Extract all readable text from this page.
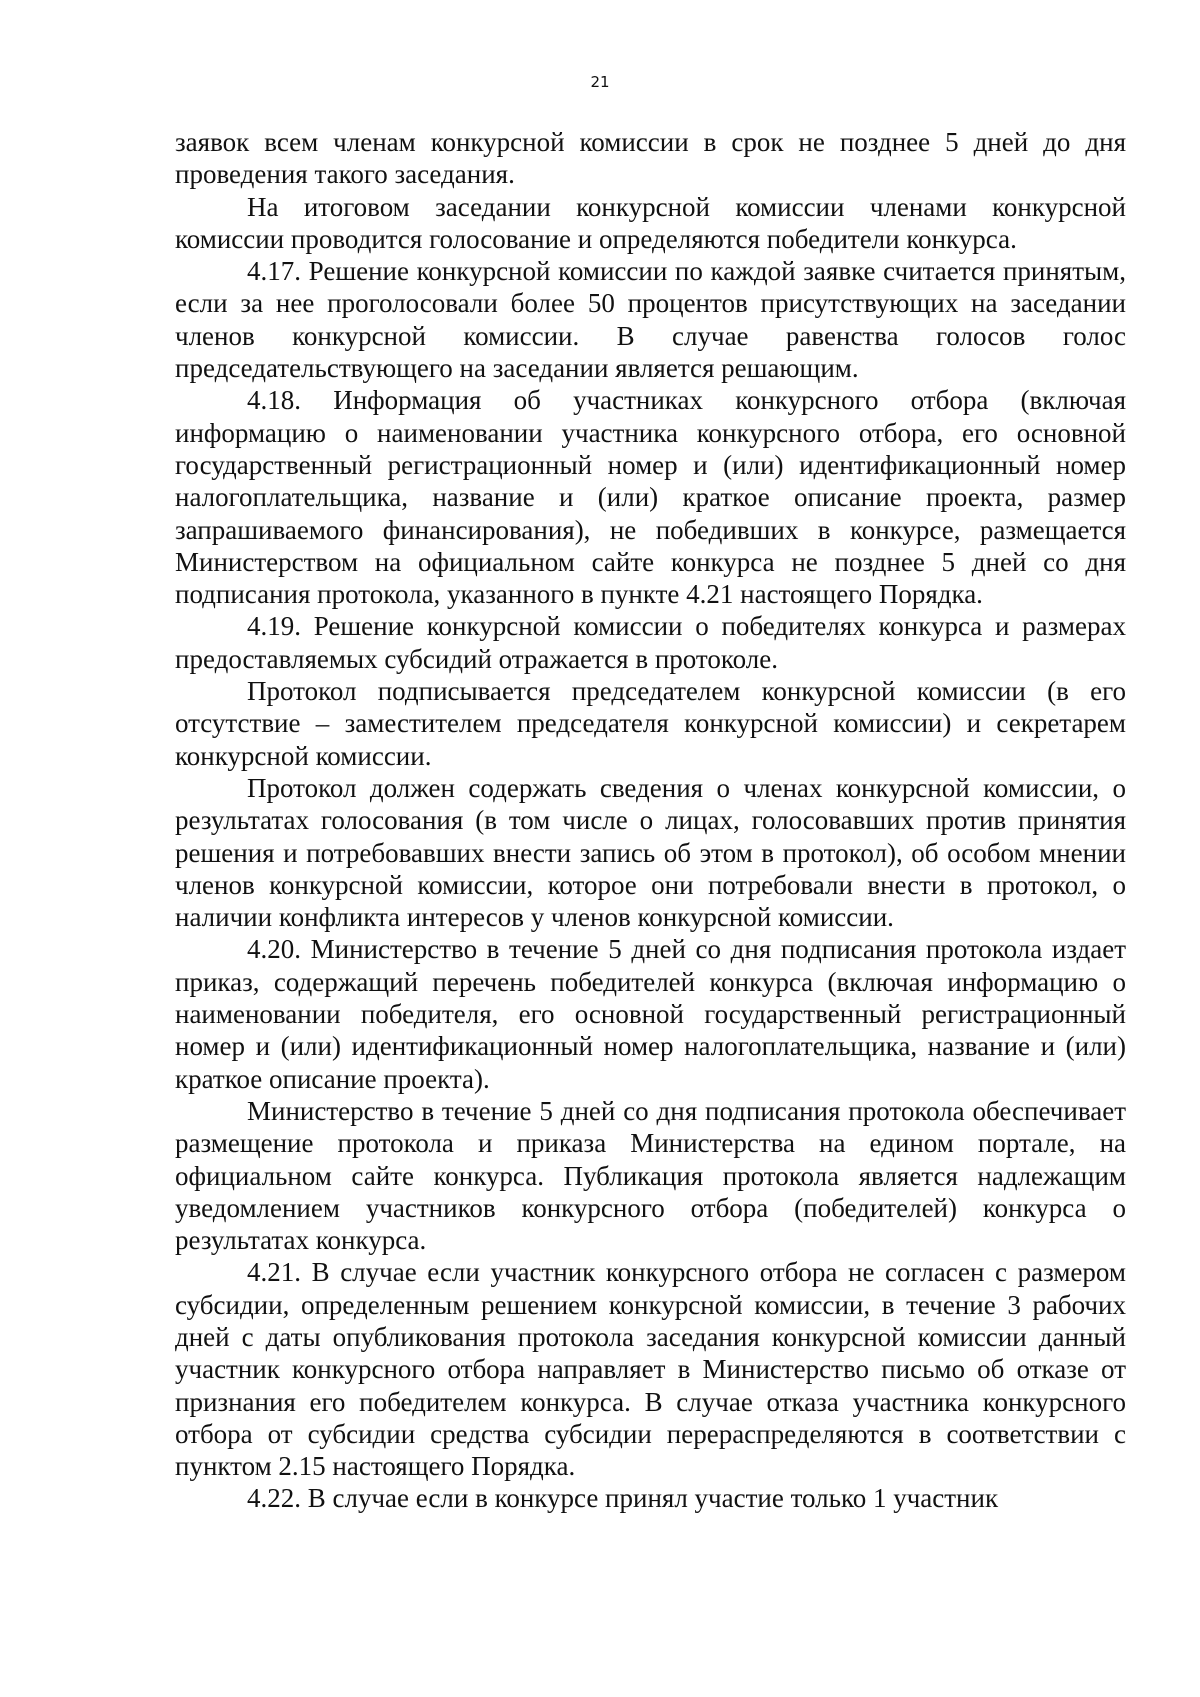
21

заявок всем членам конкурсной комиссии в срок не позднее 5 дней до дня проведения такого заседания.

На итоговом заседании конкурсной комиссии членами конкурсной комиссии проводится голосование и определяются победители конкурса.

4.17. Решение конкурсной комиссии по каждой заявке считается принятым, если за нее проголосовали более 50 процентов присутствующих на заседании членов конкурсной комиссии. В случае равенства голосов голос председательствующего на заседании является решающим.

4.18. Информация об участниках конкурсного отбора (включая информацию о наименовании участника конкурсного отбора, его основной государственный регистрационный номер и (или) идентификационный номер налогоплательщика, название и (или) краткое описание проекта, размер запрашиваемого финансирования), не победивших в конкурсе, размещается Министерством на официальном сайте конкурса не позднее 5 дней со дня подписания протокола, указанного в пункте 4.21 настоящего Порядка.

4.19. Решение конкурсной комиссии о победителях конкурса и размерах предоставляемых субсидий отражается в протоколе.

Протокол подписывается председателем конкурсной комиссии (в его отсутствие – заместителем председателя конкурсной комиссии) и секретарем конкурсной комиссии.

Протокол должен содержать сведения о членах конкурсной комиссии, о результатах голосования (в том числе о лицах, голосовавших против принятия решения и потребовавших внести запись об этом в протокол), об особом мнении членов конкурсной комиссии, которое они потребовали внести в протокол, о наличии конфликта интересов у членов конкурсной комиссии.

4.20. Министерство в течение 5 дней со дня подписания протокола издает приказ, содержащий перечень победителей конкурса (включая информацию о наименовании победителя, его основной государственный регистрационный номер и (или) идентификационный номер налогоплательщика, название и (или) краткое описание проекта).

Министерство в течение 5 дней со дня подписания протокола обеспечивает размещение протокола и приказа Министерства на едином портале, на официальном сайте конкурса. Публикация протокола является надлежащим уведомлением участников конкурсного отбора (победителей) конкурса о результатах конкурса.

4.21. В случае если участник конкурсного отбора не согласен с размером субсидии, определенным решением конкурсной комиссии, в течение 3 рабочих дней с даты опубликования протокола заседания конкурсной комиссии данный участник конкурсного отбора направляет в Министерство письмо об отказе от признания его победителем конкурса. В случае отказа участника конкурсного отбора от субсидии средства субсидии перераспределяются в соответствии с пунктом 2.15 настоящего Порядка.

4.22. В случае если в конкурсе принял участие только 1 участник
